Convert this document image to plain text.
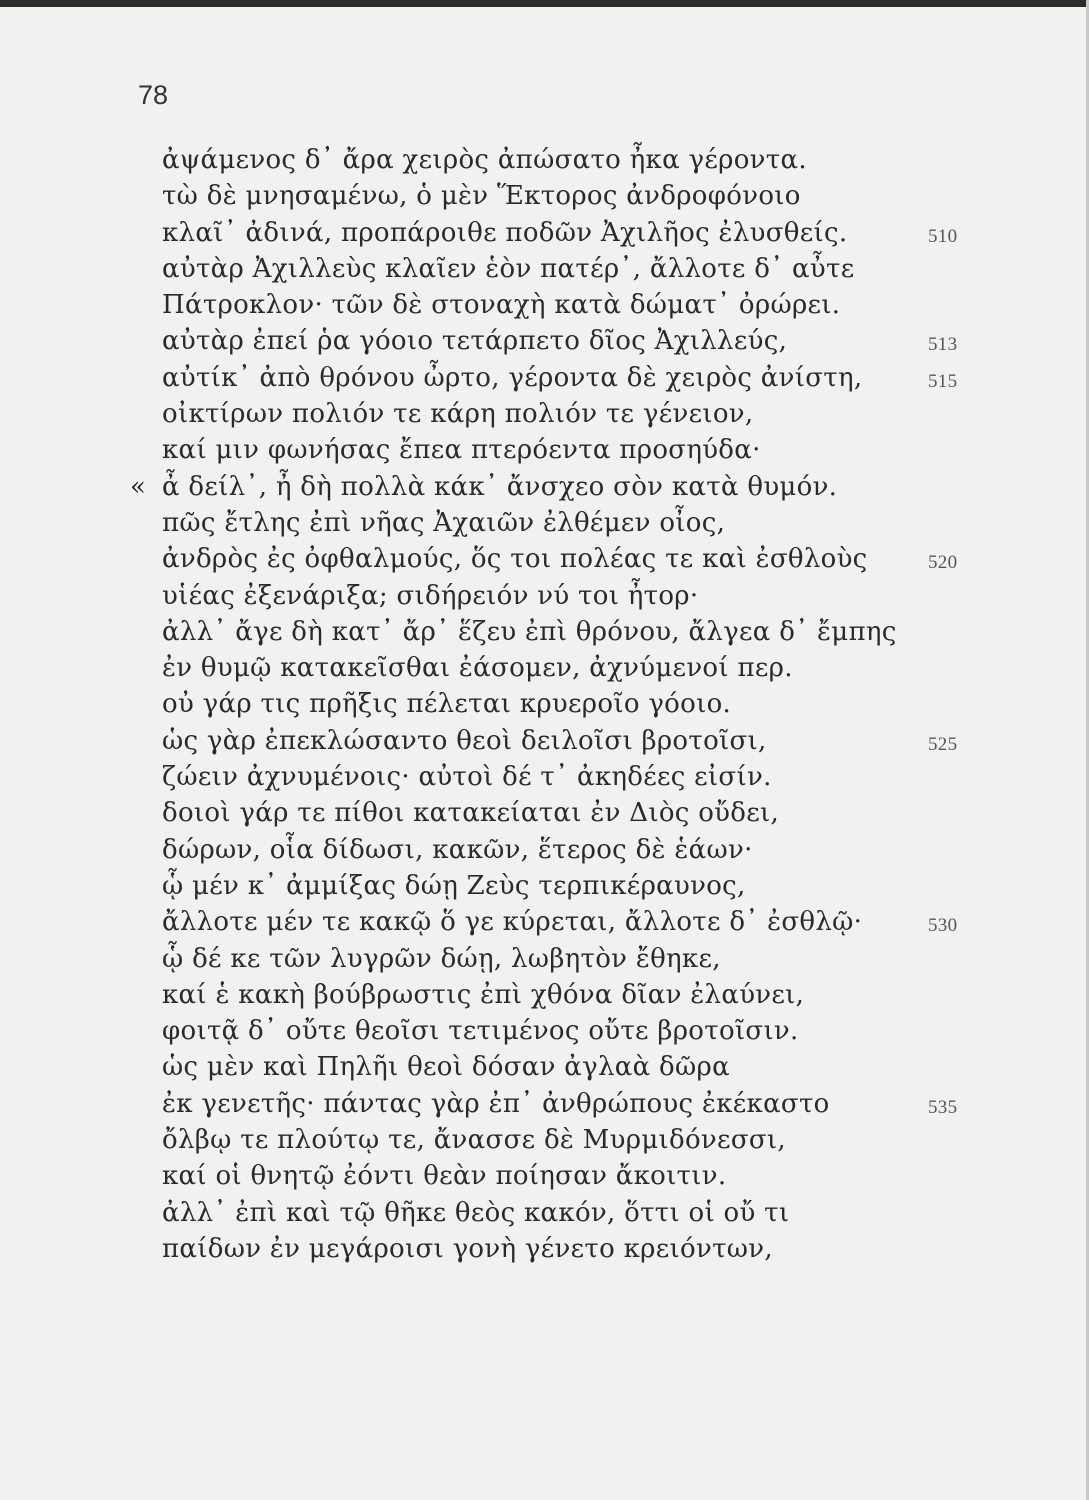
78
ἀψάμενος δ᾽ ἄρα χειρὸς ἀπώσατο ἦκα γέροντα.
τὼ δὲ μνησαμένω, ὁ μὲν Ἕκτορος ἀνδροφόνοιο
κλαῖ᾽ ἀδινά, προπάροιθε ποδῶν Ἀχιλῆος ἐλυσθείς.	510
αὐτὰρ Ἀχιλλεὺς κλαῖεν ἑὸν πατέρ᾽, ἄλλοτε δ᾽ αὖτε
Πάτροκλον· τῶν δὲ στοναχὴ κατὰ δώματ᾽ ὀρώρει.
αὐτὰρ ἐπεί ῥα γόοιο τετάρπετο δῖος Ἀχιλλεύς,	513
αὐτίκ᾽ ἀπὸ θρόνου ὦρτο, γέροντα δὲ χειρὸς ἀνίστη,	515
οἰκτίρων πολιόν τε κάρη πολιόν τε γένειον,
καί μιν φωνήσας ἔπεα πτερόεντα προσηύδα·
« ἆ δείλ᾽, ἦ δὴ πολλὰ κάκ᾽ ἄνσχεο σὸν κατὰ θυμόν.
πῶς ἔτλης ἐπὶ νῆας Ἀχαιῶν ἐλθέμεν οἶος,
ἀνδρὸς ἐς ὀφθαλμούς, ὅς τοι πολέας τε καὶ ἐσθλοὺς	520
υἱέας ἐξενάριξα; σιδήρειόν νύ τοι ἦτορ·
ἀλλ᾽ ἄγε δὴ κατ᾽ ἄρ᾽ ἕζευ ἐπὶ θρόνου, ἄλγεα δ᾽ ἔμπης
ἐν θυμῷ κατακεῖσθαι ἐάσομεν, ἀχνύμενοί περ.
οὐ γάρ τις πρῆξις πέλεται κρυεροῖο γόοιο.
ὡς γὰρ ἐπεκλώσαντο θεοὶ δειλοῖσι βροτοῖσι,	525
ζώειν ἀχνυμένοις· αὐτοὶ δέ τ᾽ ἀκηδέες εἰσίν.
δοιοὶ γάρ τε πίθοι κατακείαται ἐν Διὸς οὔδει,
δώρων, οἷα δίδωσι, κακῶν, ἕτερος δὲ ἑάων·
ᾧ μέν κ᾽ ἀμμίξας δώῃ Ζεὺς τερπικέραυνος,
ἄλλοτε μέν τε κακῷ ὅ γε κύρεται, ἄλλοτε δ᾽ ἐσθλῷ·	530
ᾧ δέ κε τῶν λυγρῶν δώῃ, λωβητὸν ἔθηκε,
καί ἑ κακὴ βούβρωστις ἐπὶ χθόνα δῖαν ἐλαύνει,
φοιτᾷ δ᾽ οὔτε θεοῖσι τετιμένος οὔτε βροτοῖσιν.
ὡς μὲν καὶ Πηλῆι θεοὶ δόσαν ἀγλαὰ δῶρα
ἐκ γενετῆς· πάντας γὰρ ἐπ᾽ ἀνθρώπους ἐκέκαστο	535
ὄλβῳ τε πλούτῳ τε, ἄνασσε δὲ Μυρμιδόνεσσι,
καί οἱ θνητῷ ἐόντι θεὰν ποίησαν ἄκοιτιν.
ἀλλ᾽ ἐπὶ καὶ τῷ θῆκε θεὸς κακόν, ὅττι οἱ οὔ τι
παίδων ἐν μεγάροισι γονὴ γένετο κρειόντων,
